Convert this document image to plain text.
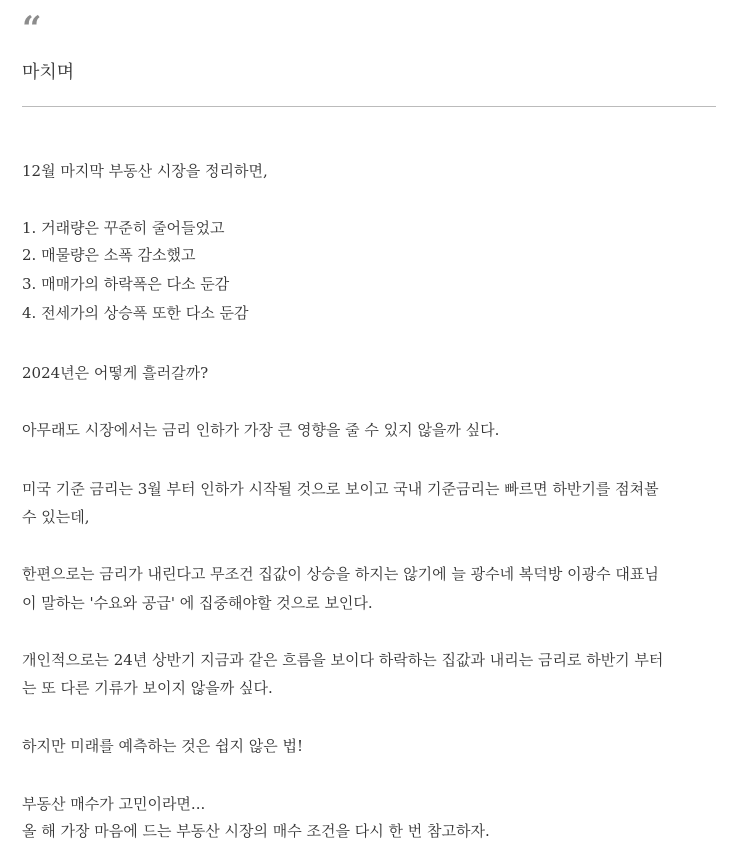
“
마치며
12월 마지막 부동산 시장을 정리하면,
1. 거래량은 꾸준히 줄어들었고
2. 매물량은 소폭 감소했고
3. 매매가의 하락폭은 다소 둔감
4. 전세가의 상승폭 또한 다소 둔감
2024년은 어떻게 흘러갈까?
아무래도 시장에서는 금리 인하가 가장 큰 영향을 줄 수 있지 않을까 싶다.
미국 기준 금리는 3월 부터 인하가 시작될 것으로 보이고 국내 기준금리는 빠르면 하반기를 점쳐볼
수 있는데,
한편으로는 금리가 내린다고 무조건 집값이 상승을 하지는 않기에 늘 광수네 복덕방 이광수 대표님
이 말하는 '수요와 공급' 에 집중해야할 것으로 보인다.
개인적으로는 24년 상반기 지금과 같은 흐름을 보이다 하락하는 집값과 내리는 금리로 하반기 부터
는 또 다른 기류가 보이지 않을까 싶다.
하지만 미래를 예측하는 것은 쉽지 않은 법!
부동산 매수가 고민이라면...
올 해 가장 마음에 드는 부동산 시장의 매수 조건을 다시 한 번 참고하자.
